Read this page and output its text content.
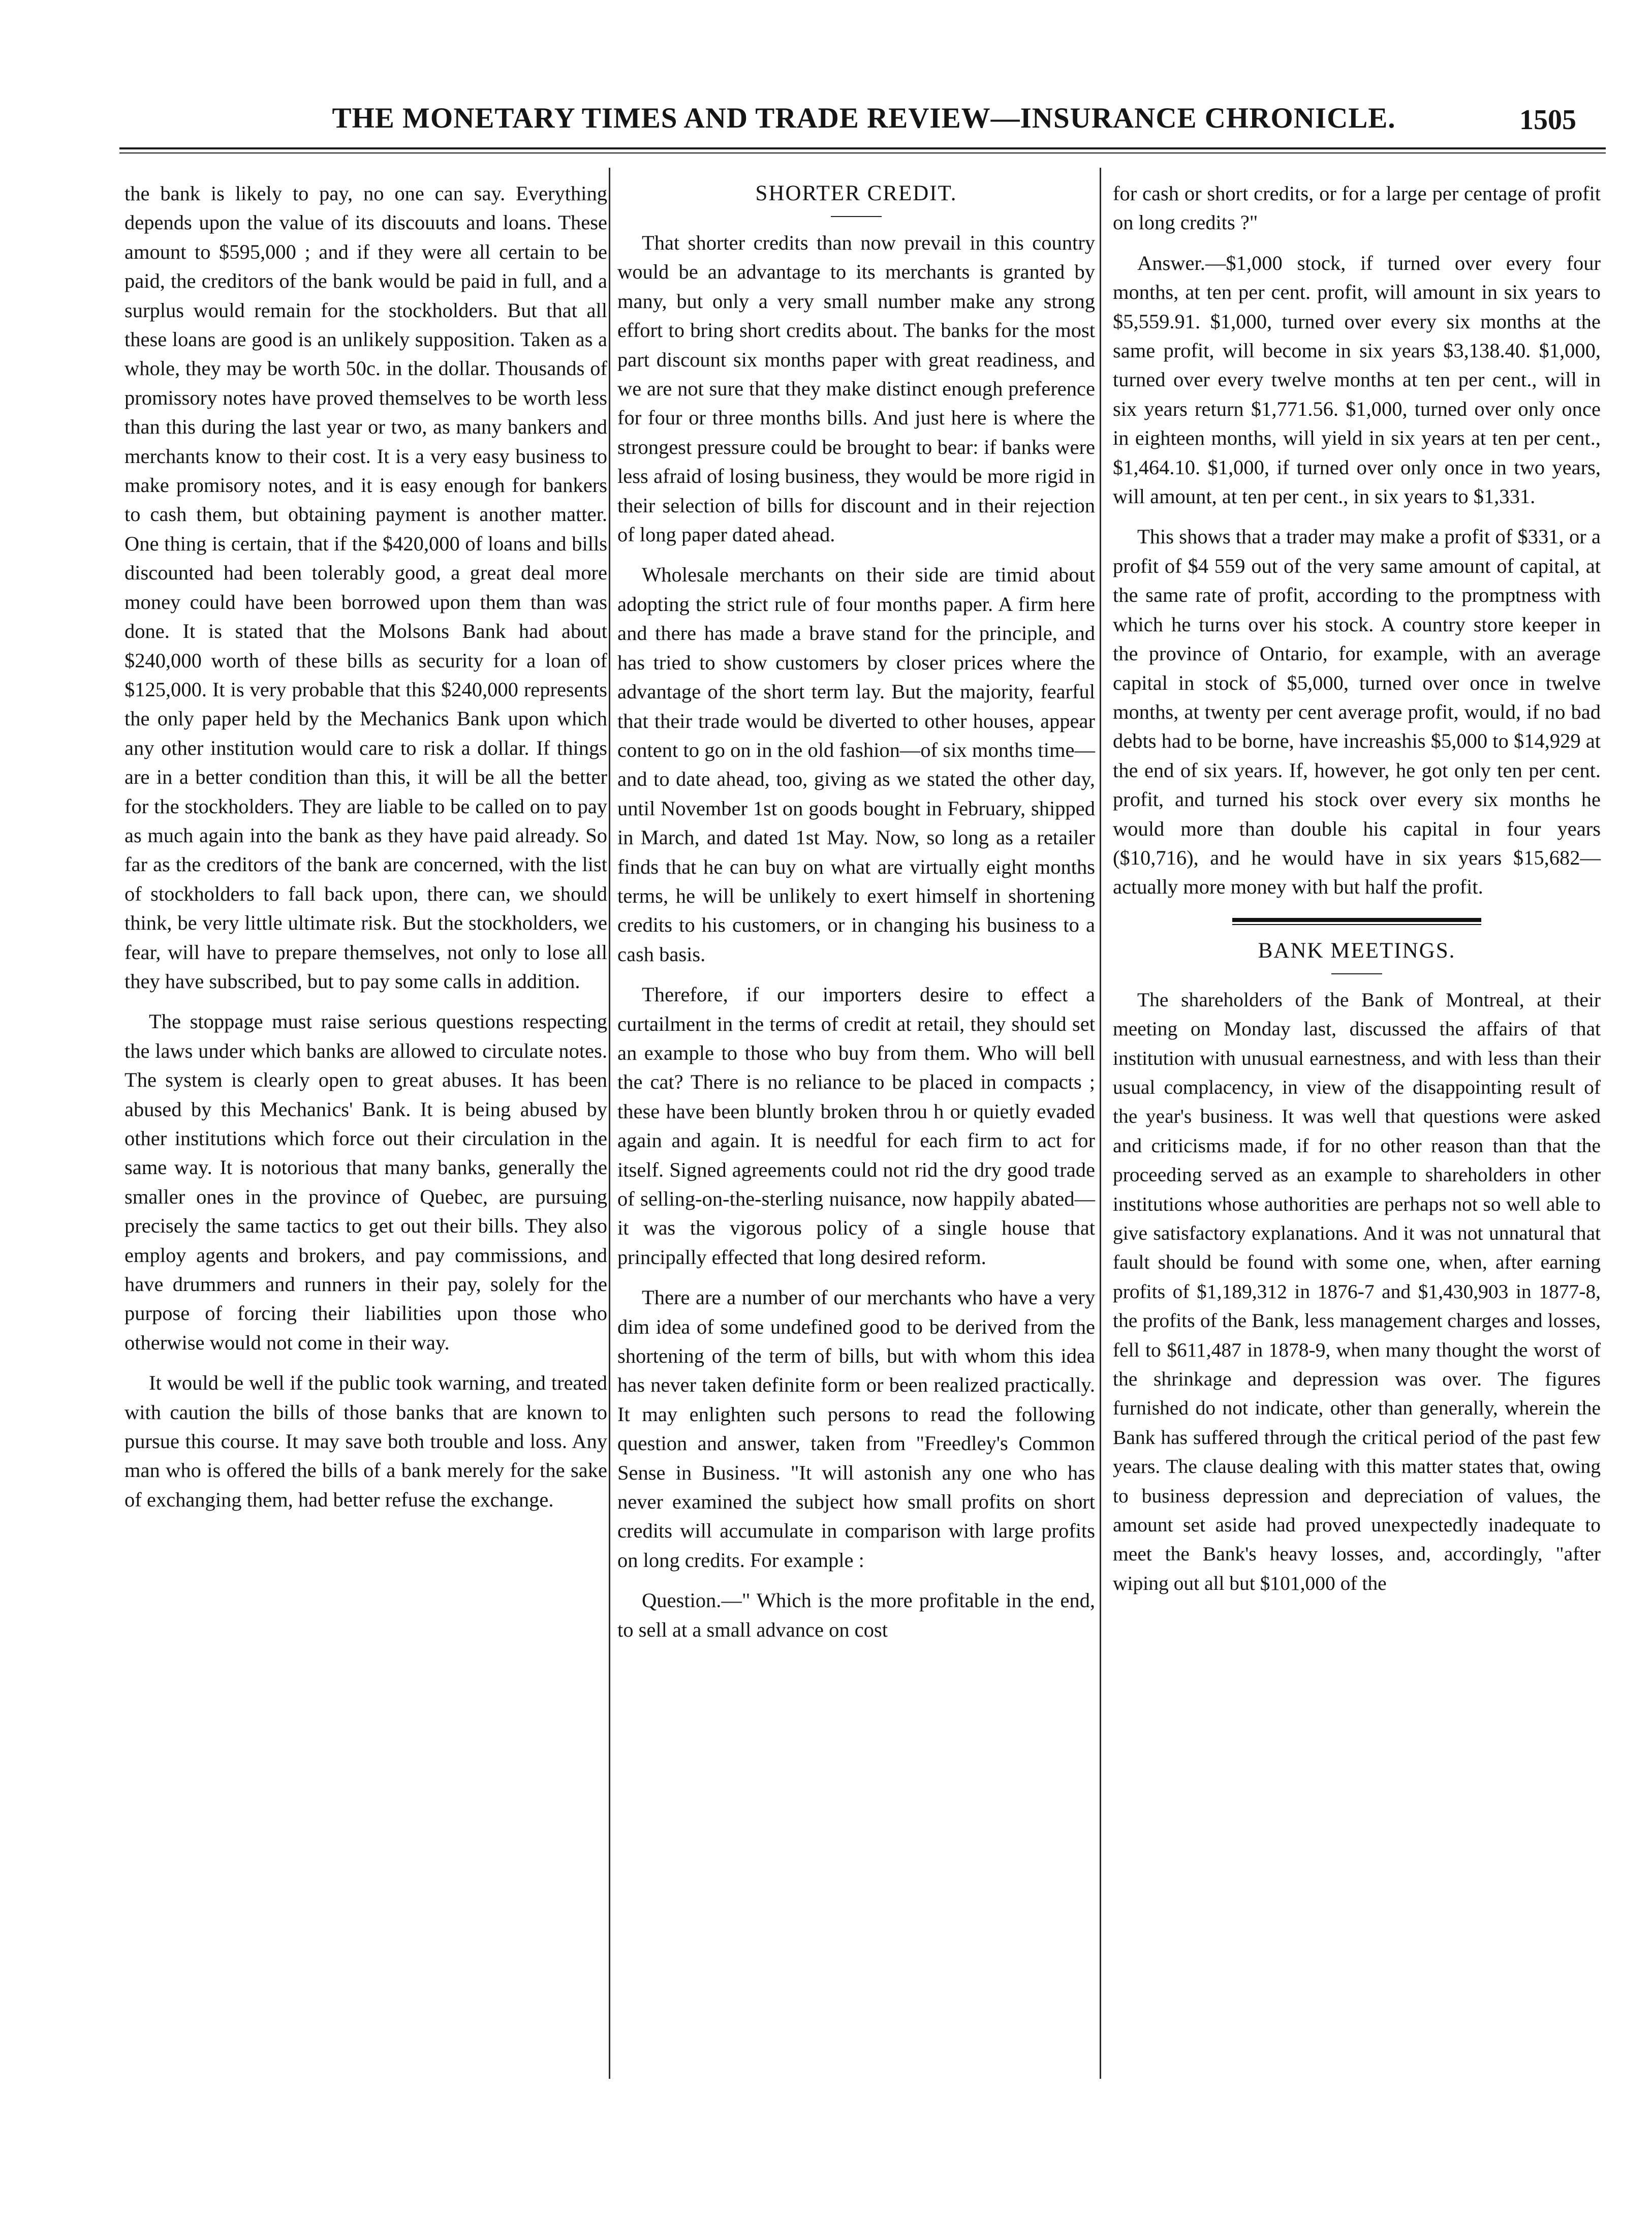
THE MONETARY TIMES AND TRADE REVIEW—INSURANCE CHRONICLE.	1505

the bank is likely to pay, no one can say. Everything depends upon the value of its discouuts and loans. These amount to $595,000 ; and if they were all certain to be paid, the creditors of the bank would be paid in full, and a surplus would remain for the stockholders. But that all these loans are good is an unlikely supposition. Taken as a whole, they may be worth 50c. in the dollar. Thousands of promissory notes have proved themselves to be worth less than this during the last year or two, as many bankers and merchants know to their cost. It is a very easy business to make promisory notes, and it is easy enough for bankers to cash them, but obtaining payment is another matter. One thing is certain, that if the $420,000 of loans and bills discounted had been tolerably good, a great deal more money could have been borrowed upon them than was done. It is stated that the Molsons Bank had about $240,000 worth of these bills as security for a loan of $125,000. It is very probable that this $240,000 represents the only paper held by the Mechanics Bank upon which any other institution would care to risk a dollar. If things are in a better condition than this, it will be all the better for the stockholders. They are liable to be called on to pay as much again into the bank as they have paid already. So far as the creditors of the bank are concerned, with the list of stockholders to fall back upon, there can, we should think, be very little ultimate risk. But the stockholders, we fear, will have to prepare themselves, not only to lose all they have subscribed, but to pay some calls in addition.

The stoppage must raise serious questions respecting the laws under which banks are allowed to circulate notes. The system is clearly open to great abuses. It has been abused by this Mechanics' Bank. It is being abused by other institutions which force out their circulation in the same way. It is notorious that many banks, generally the smaller ones in the province of Quebec, are pursuing precisely the same tactics to get out their bills. They also employ agents and brokers, and pay commissions, and have drummers and runners in their pay, solely for the purpose of forcing their liabilities upon those who otherwise would not come in their way.

It would be well if the public took warning, and treated with caution the bills of those banks that are known to pursue this course. It may save both trouble and loss. Any man who is offered the bills of a bank merely for the sake of exchanging them, had better refuse the exchange.

SHORTER CREDIT.

That shorter credits than now prevail in this country would be an advantage to its merchants is granted by many, but only a very small number make any strong effort to bring short credits about. The banks for the most part discount six months paper with great readiness, and we are not sure that they make distinct enough preference for four or three months bills. And just here is where the strongest pressure could be brought to bear: if banks were less afraid of losing business, they would be more rigid in their selection of bills for discount and in their rejection of long paper dated ahead.

Wholesale merchants on their side are timid about adopting the strict rule of four months paper. A firm here and there has made a brave stand for the principle, and has tried to show customers by closer prices where the advantage of the short term lay. But the majority, fearful that their trade would be diverted to other houses, appear content to go on in the old fashion—of six months time—and to date ahead, too, giving as we stated the other day, until November 1st on goods bought in February, shipped in March, and dated 1st May. Now, so long as a retailer finds that he can buy on what are virtually eight months terms, he will be unlikely to exert himself in shortening credits to his customers, or in changing his business to a cash basis.

Therefore, if our importers desire to effect a curtailment in the terms of credit at retail, they should set an example to those who buy from them. Who will bell the cat? There is no reliance to be placed in compacts ; these have been bluntly broken throu h or quietly evaded again and again. It is needful for each firm to act for itself. Signed agreements could not rid the dry good trade of selling-on-the-sterling nuisance, now happily abated—it was the vigorous policy of a single house that principally effected that long desired reform.

There are a number of our merchants who have a very dim idea of some undefined good to be derived from the shortening of the term of bills, but with whom this idea has never taken definite form or been realized practically. It may enlighten such persons to read the following question and answer, taken from "Freedley's Common Sense in Business. "It will astonish any one who has never examined the subject how small profits on short credits will accumulate in comparison with large profits on long credits. For example :

Question.—" Which is the more profitable in the end, to sell at a small advance on cost

for cash or short credits, or for a large per centage of profit on long credits ?"

Answer.—$1,000 stock, if turned over every four months, at ten per cent. profit, will amount in six years to $5,559.91. $1,000, turned over every six months at the same profit, will become in six years $3,138.40. $1,000, turned over every twelve months at ten per cent., will in six years return $1,771.56. $1,000, turned over only once in eighteen months, will yield in six years at ten per cent., $1,464.10. $1,000, if turned over only once in two years, will amount, at ten per cent., in six years to $1,331.

This shows that a trader may make a profit of $331, or a profit of $4 559 out of the very same amount of capital, at the same rate of profit, according to the promptness with which he turns over his stock. A country store keeper in the province of Ontario, for example, with an average capital in stock of $5,000, turned over once in twelve months, at twenty per cent average profit, would, if no bad debts had to be borne, have increashis $5,000 to $14,929 at the end of six years. If, however, he got only ten per cent. profit, and turned his stock over every six months he would more than double his capital in four years ($10,716), and he would have in six years $15,682—actually more money with but half the profit.

BANK MEETINGS.

The shareholders of the Bank of Montreal, at their meeting on Monday last, discussed the affairs of that institution with unusual earnestness, and with less than their usual complacency, in view of the disappointing result of the year's business. It was well that questions were asked and criticisms made, if for no other reason than that the proceeding served as an example to shareholders in other institutions whose authorities are perhaps not so well able to give satisfactory explanations. And it was not unnatural that fault should be found with some one, when, after earning profits of $1,189,312 in 1876-7 and $1,430,903 in 1877-8, the profits of the Bank, less management charges and losses, fell to $611,487 in 1878-9, when many thought the worst of the shrinkage and depression was over. The figures furnished do not indicate, other than generally, wherein the Bank has suffered through the critical period of the past few years. The clause dealing with this matter states that, owing to business depression and depreciation of values, the amount set aside had proved unexpectedly inadequate to meet the Bank's heavy losses, and, accordingly, "after wiping out all but $101,000 of the
